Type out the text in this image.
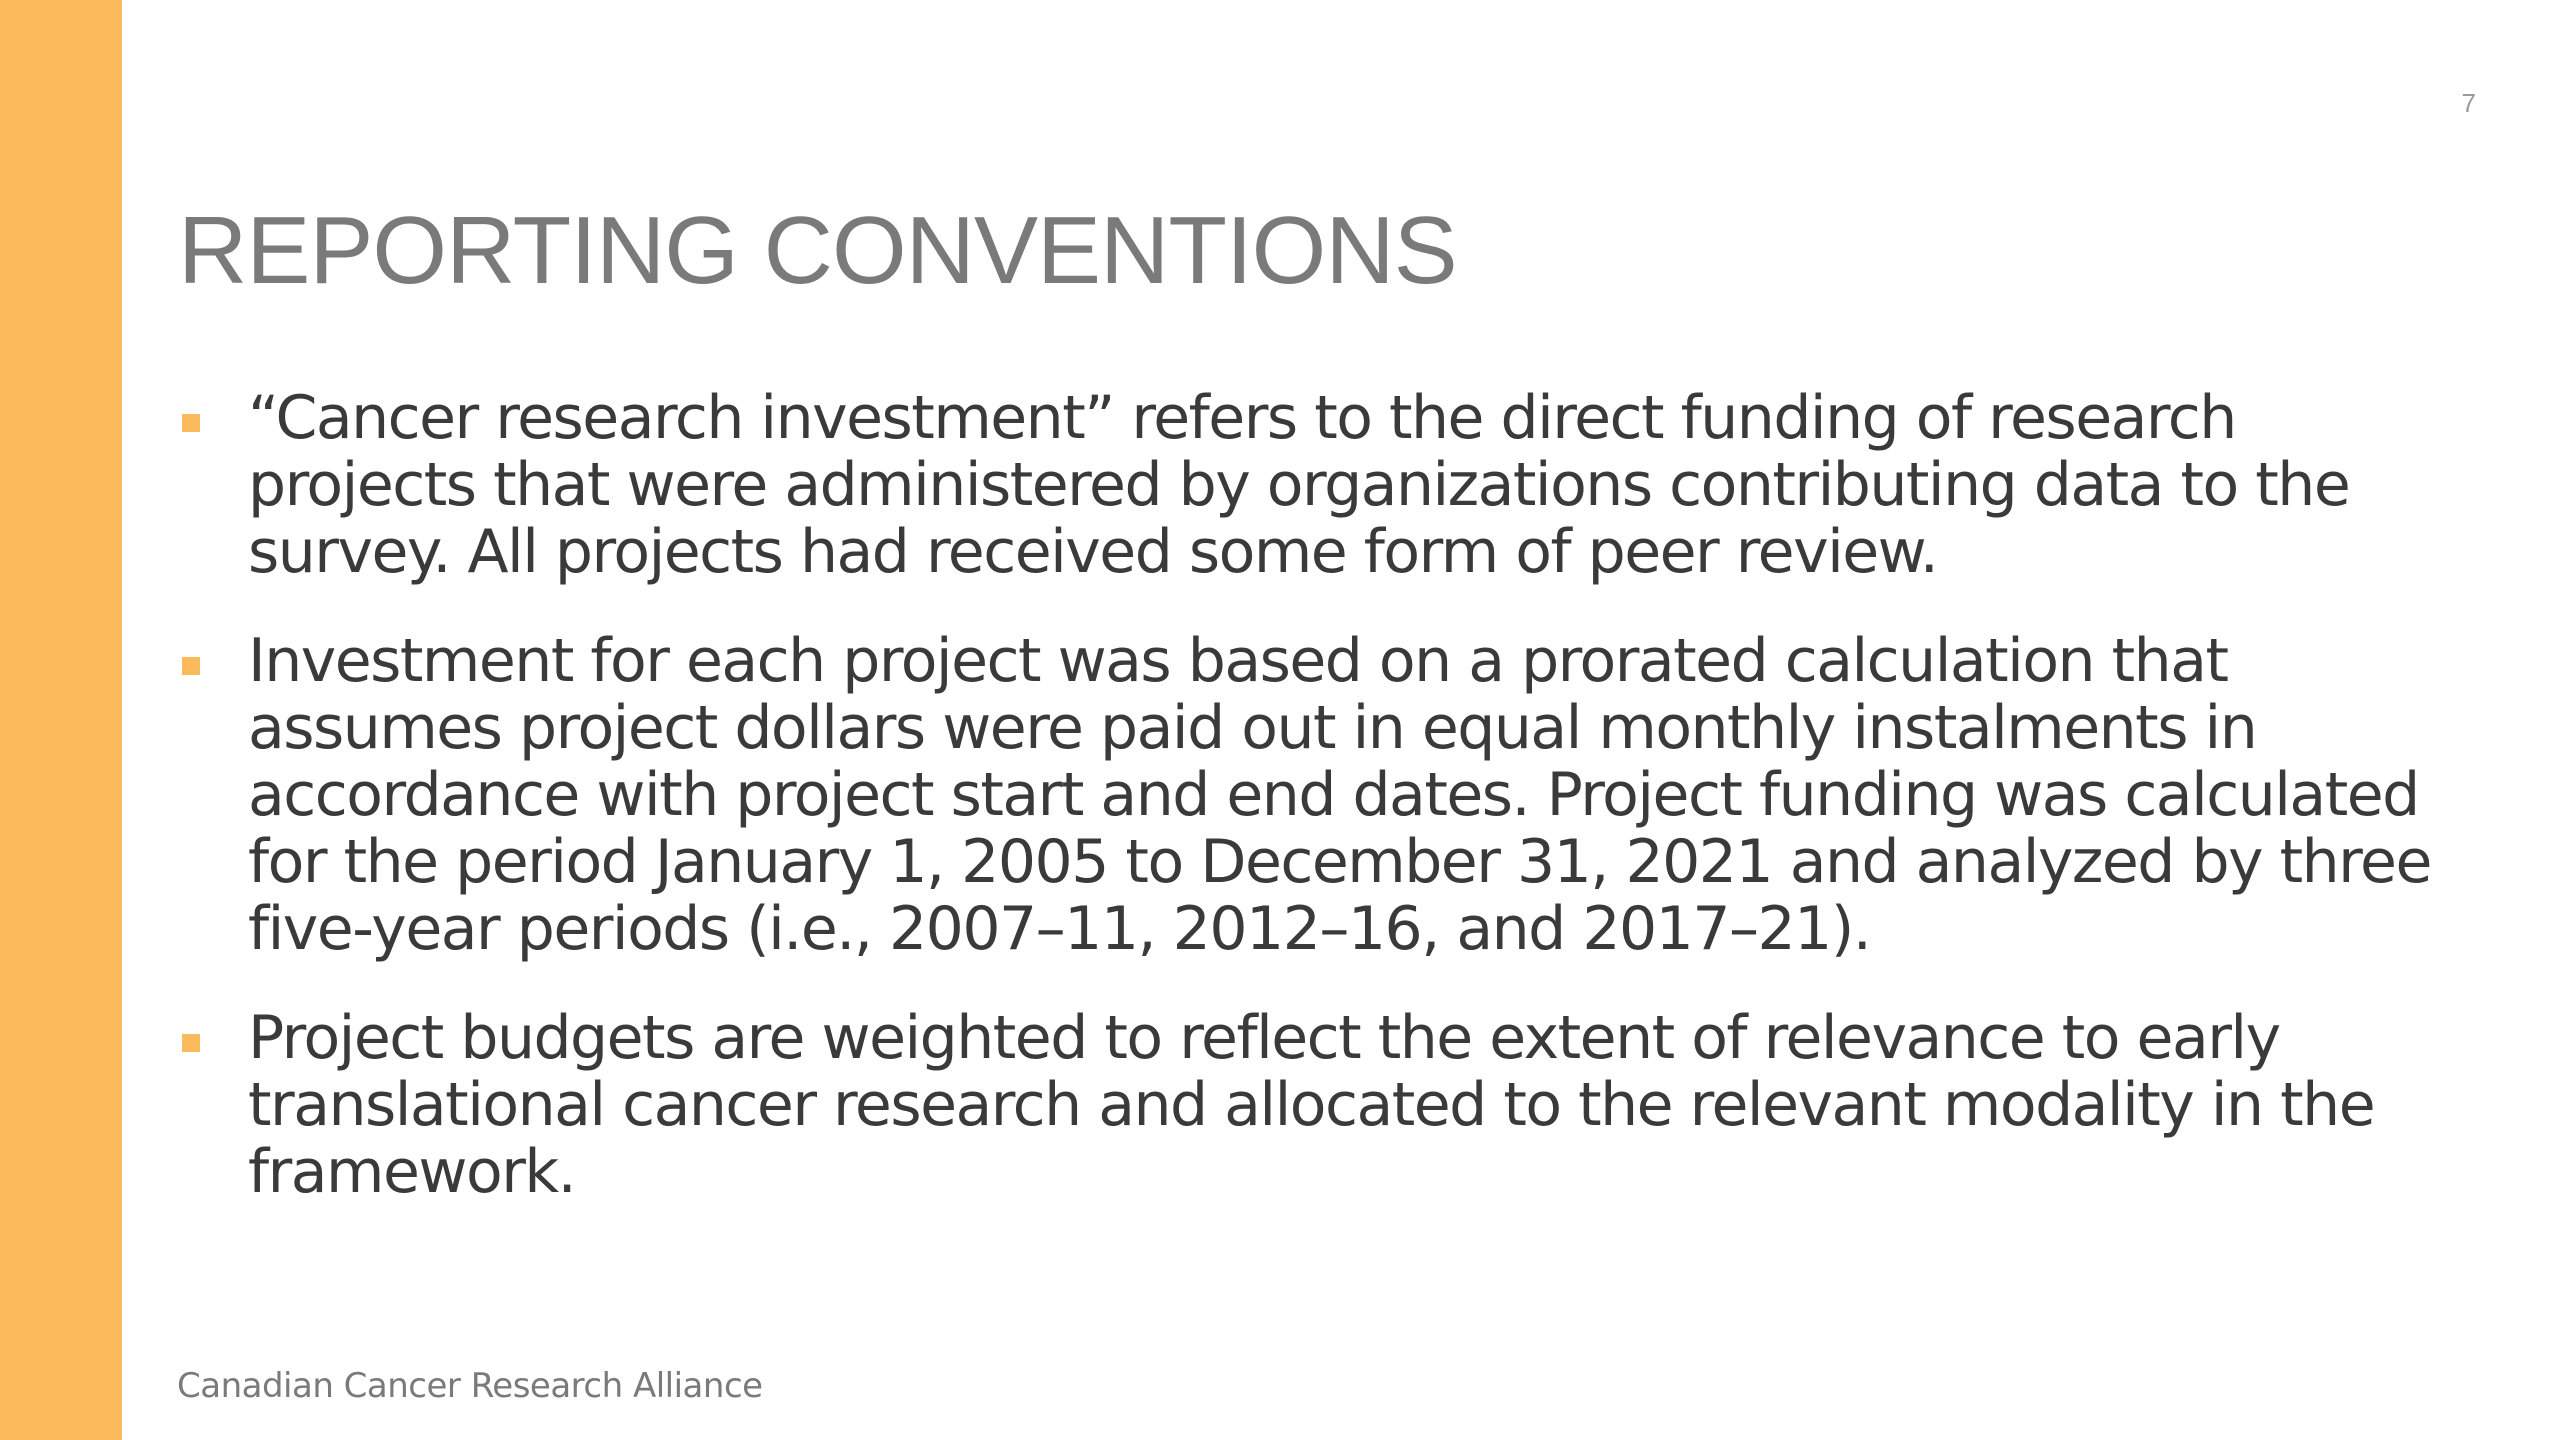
7
REPORTING CONVENTIONS
“Cancer research investment” refers to the direct funding of research projects that were administered by organizations contributing data to the survey. All projects had received some form of peer review.
Investment for each project was based on a prorated calculation that assumes project dollars were paid out in equal monthly instalments in accordance with project start and end dates. Project funding was calculated for the period January 1, 2005 to December 31, 2021 and analyzed by three five-year periods (i.e., 2007–11, 2012–16, and 2017–21).
Project budgets are weighted to reflect the extent of relevance to early translational cancer research and allocated to the relevant modality in the framework.
Canadian Cancer Research Alliance
